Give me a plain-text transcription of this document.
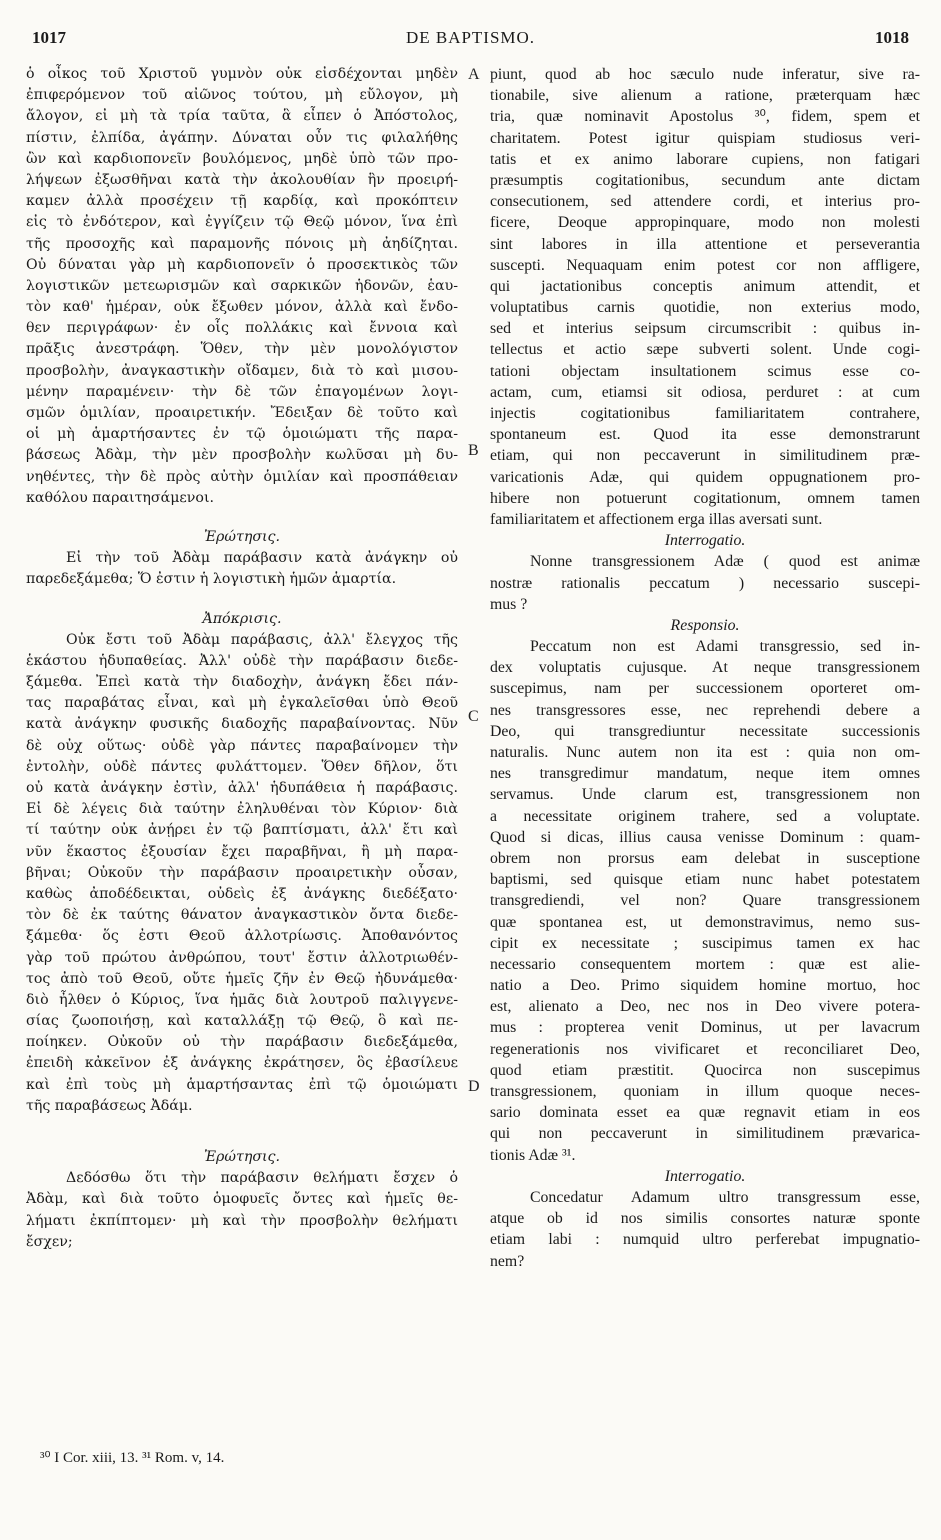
1017	DE BAPTISMO.	1018
ὁ οἶκος τοῦ Χριστοῦ γυμνὸν οὐκ εἰσδέχονται μηδὲν
ἐπιφερόμενον τοῦ αἰῶνος τούτου, μὴ εὔλογον, μὴ
ἄλογον, εἰ μὴ τὰ τρία ταῦτα, ἃ εἶπεν ὁ Ἀπόστολος,
πίστιν, ἐλπίδα, ἀγάπην. Δύναται οὖν τις φιλαλήθης
ὢν καὶ καρδιοπονεῖν βουλόμενος, μηδὲ ὑπὸ τῶν προ-
λήψεων ἐξωσθῆναι κατὰ τὴν ἀκολουθίαν ἣν προειρή-
καμεν ἀλλὰ προσέχειν τῇ καρδίᾳ, καὶ προκόπτειν
εἰς τὸ ἐνδότερον, καὶ ἐγγίζειν τῷ Θεῷ μόνον, ἵνα ἐπὶ
τῆς προσοχῆς καὶ παραμονῆς πόνοις μὴ ἀηδίζηται.
Οὐ δύναται γὰρ μὴ καρδιοπονεῖν ὁ προσεκτικὸς τῶν
λογιστικῶν μετεωρισμῶν καὶ σαρκικῶν ἡδονῶν, ἑαυ-
τὸν καθ' ἡμέραν, οὐκ ἔξωθεν μόνον, ἀλλὰ καὶ ἔνδο-
θεν περιγράφων· ἐν οἷς πολλάκις καὶ ἔννοια καὶ
πρᾶξις ἀνεστράφη. Ὅθεν, τὴν μὲν μονολόγιστον
προσβολὴν, ἀναγκαστικὴν οἴδαμεν, διὰ τὸ καὶ μισου-
μένην παραμένειν· τὴν δὲ τῶν ἐπαγομένων λογι-
σμῶν ὁμιλίαν, προαιρετικήν. Ἔδειξαν δὲ τοῦτο καὶ
οἱ μὴ ἁμαρτήσαντες ἐν τῷ ὁμοιώματι τῆς παρα-
βάσεως Ἀδὰμ, τὴν μὲν προσβολὴν κωλῦσαι μὴ δυ-
νηθέντες, τὴν δὲ πρὸς αὐτὴν ὁμιλίαν καὶ προσπάθειαν
καθόλου παραιτησάμενοι.
Ἐρώτησις.
Εἰ τὴν τοῦ Ἀδὰμ παράβασιν κατὰ ἀνάγκην οὐ
παρεδεξάμεθα; Ὅ ἐστιν ἡ λογιστικὴ ἡμῶν ἁμαρτία.
Ἀπόκρισις.
Οὐκ ἔστι τοῦ Ἀδὰμ παράβασις, ἀλλ' ἔλεγχος τῆς
ἑκάστου ἡδυπαθείας. Ἀλλ' οὐδὲ τὴν παράβασιν διεδε-
ξάμεθα. Ἐπεὶ κατὰ τὴν διαδοχὴν, ἀνάγκη ἔδει πάν-
τας παραβάτας εἶναι, καὶ μὴ ἐγκαλεῖσθαι ὑπὸ Θεοῦ
κατὰ ἀνάγκην φυσικῆς διαδοχῆς παραβαίνοντας. Νῦν
δὲ οὐχ οὕτως· οὐδὲ γὰρ πάντες παραβαίνομεν τὴν
ἐντολὴν, οὐδὲ πάντες φυλάττομεν. Ὅθεν δῆλον, ὅτι
οὐ κατὰ ἀνάγκην ἐστὶν, ἀλλ' ἡδυπάθεια ἡ παράβασις.
Εἰ δὲ λέγεις διὰ ταύτην ἐληλυθέναι τὸν Κύριον· διὰ
τί ταύτην οὐκ ἀνῄρει ἐν τῷ βαπτίσματι, ἀλλ' ἔτι καὶ
νῦν ἕκαστος ἐξουσίαν ἔχει παραβῆναι, ἢ μὴ παρα-
βῆναι; Οὐκοῦν τὴν παράβασιν προαιρετικὴν οὖσαν,
καθὼς ἀποδέδεικται, οὐδεὶς ἐξ ἀνάγκης διεδέξατο·
τὸν δὲ ἐκ ταύτης θάνατον ἀναγκαστικὸν ὄντα διεδε-
ξάμεθα· ὅς ἐστι Θεοῦ ἀλλοτρίωσις. Ἀποθανόντος
γὰρ τοῦ πρώτου ἀνθρώπου, τουτ' ἔστιν ἀλλοτριωθέν-
τος ἀπὸ τοῦ Θεοῦ, οὔτε ἡμεῖς ζῆν ἐν Θεῷ ἠδυνάμεθα·
διὸ ἦλθεν ὁ Κύριος, ἵνα ἡμᾶς διὰ λουτροῦ παλιγγενε-
σίας ζωοποιήσῃ, καὶ καταλλάξῃ τῷ Θεῷ, ὃ καὶ πε-
ποίηκεν. Οὐκοῦν οὐ τὴν παράβασιν διεδεξάμεθα,
ἐπειδὴ κἀκεῖνον ἐξ ἀνάγκης ἐκράτησεν, ὃς ἐβασίλευε
καὶ ἐπὶ τοὺς μὴ ἁμαρτήσαντας ἐπὶ τῷ ὁμοιώματι
τῆς παραβάσεως Ἀδάμ.
Ἐρώτησις.
Δεδόσθω ὅτι τὴν παράβασιν θελήματι ἔσχεν ὁ
Ἀδὰμ, καὶ διὰ τοῦτο ὁμοφυεῖς ὄντες καὶ ἡμεῖς θε-
λήματι ἐκπίπτομεν· μὴ καὶ τὴν προσβολὴν θελήματι
ἔσχεν;
piunt, quod ab hoc sæculo nude inferatur, sive ra-
tionabile, sive alienum a ratione, præterquam hæc
tria, quæ nominavit Apostolus ³⁰, fidem, spem et
charitatem. Potest igitur quispiam studiosus veri-
tatis et ex animo laborare cupiens, non fatigari
præsumptis cogitationibus, secundum ante dictam
consecutionem, sed attendere cordi, et interius pro-
ficere, Deoque appropinquare, modo non molesti
sint labores in illa attentione et perseverantia
suscepti. Nequaquam enim potest cor non affligere,
qui jactationibus conceptis animum attendit, et
voluptatibus carnis quotidie, non exterius modo,
sed et interius seipsum circumscribit : quibus in-
tellectus et actio sæpe subverti solent. Unde cogi-
tationi objectam insultationem scimus esse co-
actam, cum, etiamsi sit odiosa, perduret : at cum
injectis cogitationibus familiaritatem contrahere,
spontaneum est. Quod ita esse demonstrarunt
etiam, qui non peccaverunt in similitudinem præ-
varicationis Adæ, qui quidem oppugnationem pro-
hibere non potuerunt cogitationum, omnem tamen
familiaritatem et affectionem erga illas aversati sunt.
Interrogatio.
Nonne transgressionem Adæ ( quod est animæ
nostræ rationalis peccatum ) necessario suscepi-
mus ?
Responsio.
Peccatum non est Adami transgressio, sed in-
dex voluptatis cujusque. At neque transgressionem
suscepimus, nam per successionem oporteret om-
nes transgressores esse, nec reprehendi debere a
Deo, qui transgrediuntur necessitate successionis
naturalis. Nunc autem non ita est : quia non om-
nes transgredimur mandatum, neque item omnes
servamus. Unde clarum est, transgressionem non
a necessitate originem trahere, sed a voluptate.
Quod si dicas, illius causa venisse Dominum : quam-
obrem non prorsus eam delebat in susceptione
baptismi, sed quisque etiam nunc habet potestatem
transgrediendi, vel non? Quare transgressionem
quæ spontanea est, ut demonstravimus, nemo sus-
cipit ex necessitate ; suscipimus tamen ex hac
necessario consequentem mortem : quæ est alie-
natio a Deo. Primo siquidem homine mortuo, hoc
est, alienato a Deo, nec nos in Deo vivere potera-
mus : propterea venit Dominus, ut per lavacrum
regenerationis nos vivificaret et reconciliaret Deo,
quod etiam præstitit. Quocirca non suscepimus
transgressionem, quoniam in illum quoque neces-
sario dominata esset ea quæ regnavit etiam in eos
qui non peccaverunt in similitudinem prævarica-
tionis Adæ ³¹.
Interrogatio.
Concedatur Adamum ultro transgressum esse,
atque ob id nos similis consortes naturæ sponte
etiam labi : numquid ultro perferebat impugnatio-
nem?
A
B
C
D
³⁰ I Cor. xiii, 13. ³¹ Rom. v, 14.
